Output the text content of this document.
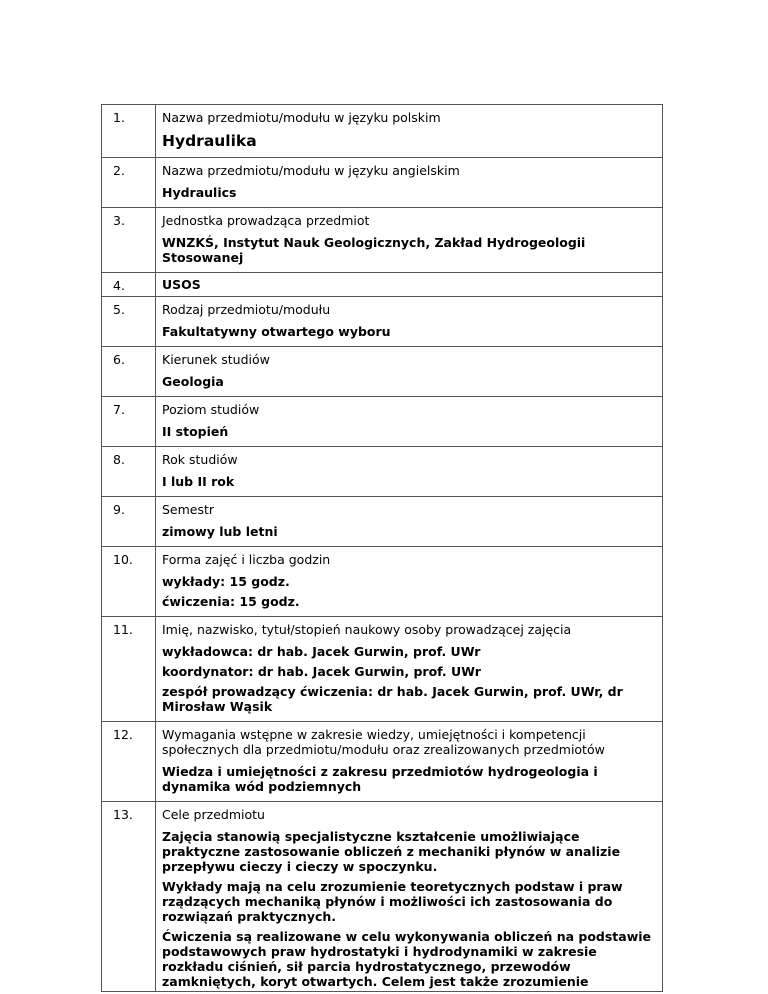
1.	Nazwa przedmiotu/modułu w języku polskim
Hydraulika

2.	Nazwa przedmiotu/modułu w języku angielskim
Hydraulics

3.	Jednostka prowadząca przedmiot
WNZKŚ, Instytut Nauk Geologicznych, Zakład Hydrogeologii Stosowanej

4.	USOS

5.	Rodzaj przedmiotu/modułu
Fakultatywny otwartego wyboru

6.	Kierunek studiów
Geologia

7.	Poziom studiów
II stopień

8.	Rok studiów
I lub II rok

9.	Semestr
zimowy lub letni

10.	Forma zajęć i liczba godzin
wykłady: 15 godz.
ćwiczenia: 15 godz.

11.	Imię, nazwisko, tytuł/stopień naukowy osoby prowadzącej zajęcia
wykładowca: dr hab. Jacek Gurwin, prof. UWr
koordynator: dr hab. Jacek Gurwin, prof. UWr
zespół prowadzący ćwiczenia: dr hab. Jacek Gurwin, prof. UWr, dr Mirosław Wąsik

12.	Wymagania wstępne w zakresie wiedzy, umiejętności i kompetencji społecznych dla przedmiotu/modułu oraz zrealizowanych przedmiotów
Wiedza i umiejętności z zakresu przedmiotów hydrogeologia i dynamika wód podziemnych

13.	Cele przedmiotu
Zajęcia stanowią specjalistyczne kształcenie umożliwiające praktyczne zastosowanie obliczeń z mechaniki płynów w analizie przepływu cieczy i cieczy w spoczynku.
Wykłady mają na celu zrozumienie teoretycznych podstaw i praw rządzących mechaniką płynów i możliwości ich zastosowania do rozwiązań praktycznych.
Ćwiczenia są realizowane w celu wykonywania obliczeń na podstawie podstawowych praw hydrostatyki i hydrodynamiki w zakresie rozkładu ciśnień, sił parcia hydrostatycznego, przewodów zamkniętych, koryt otwartych. Celem jest także zrozumienie
